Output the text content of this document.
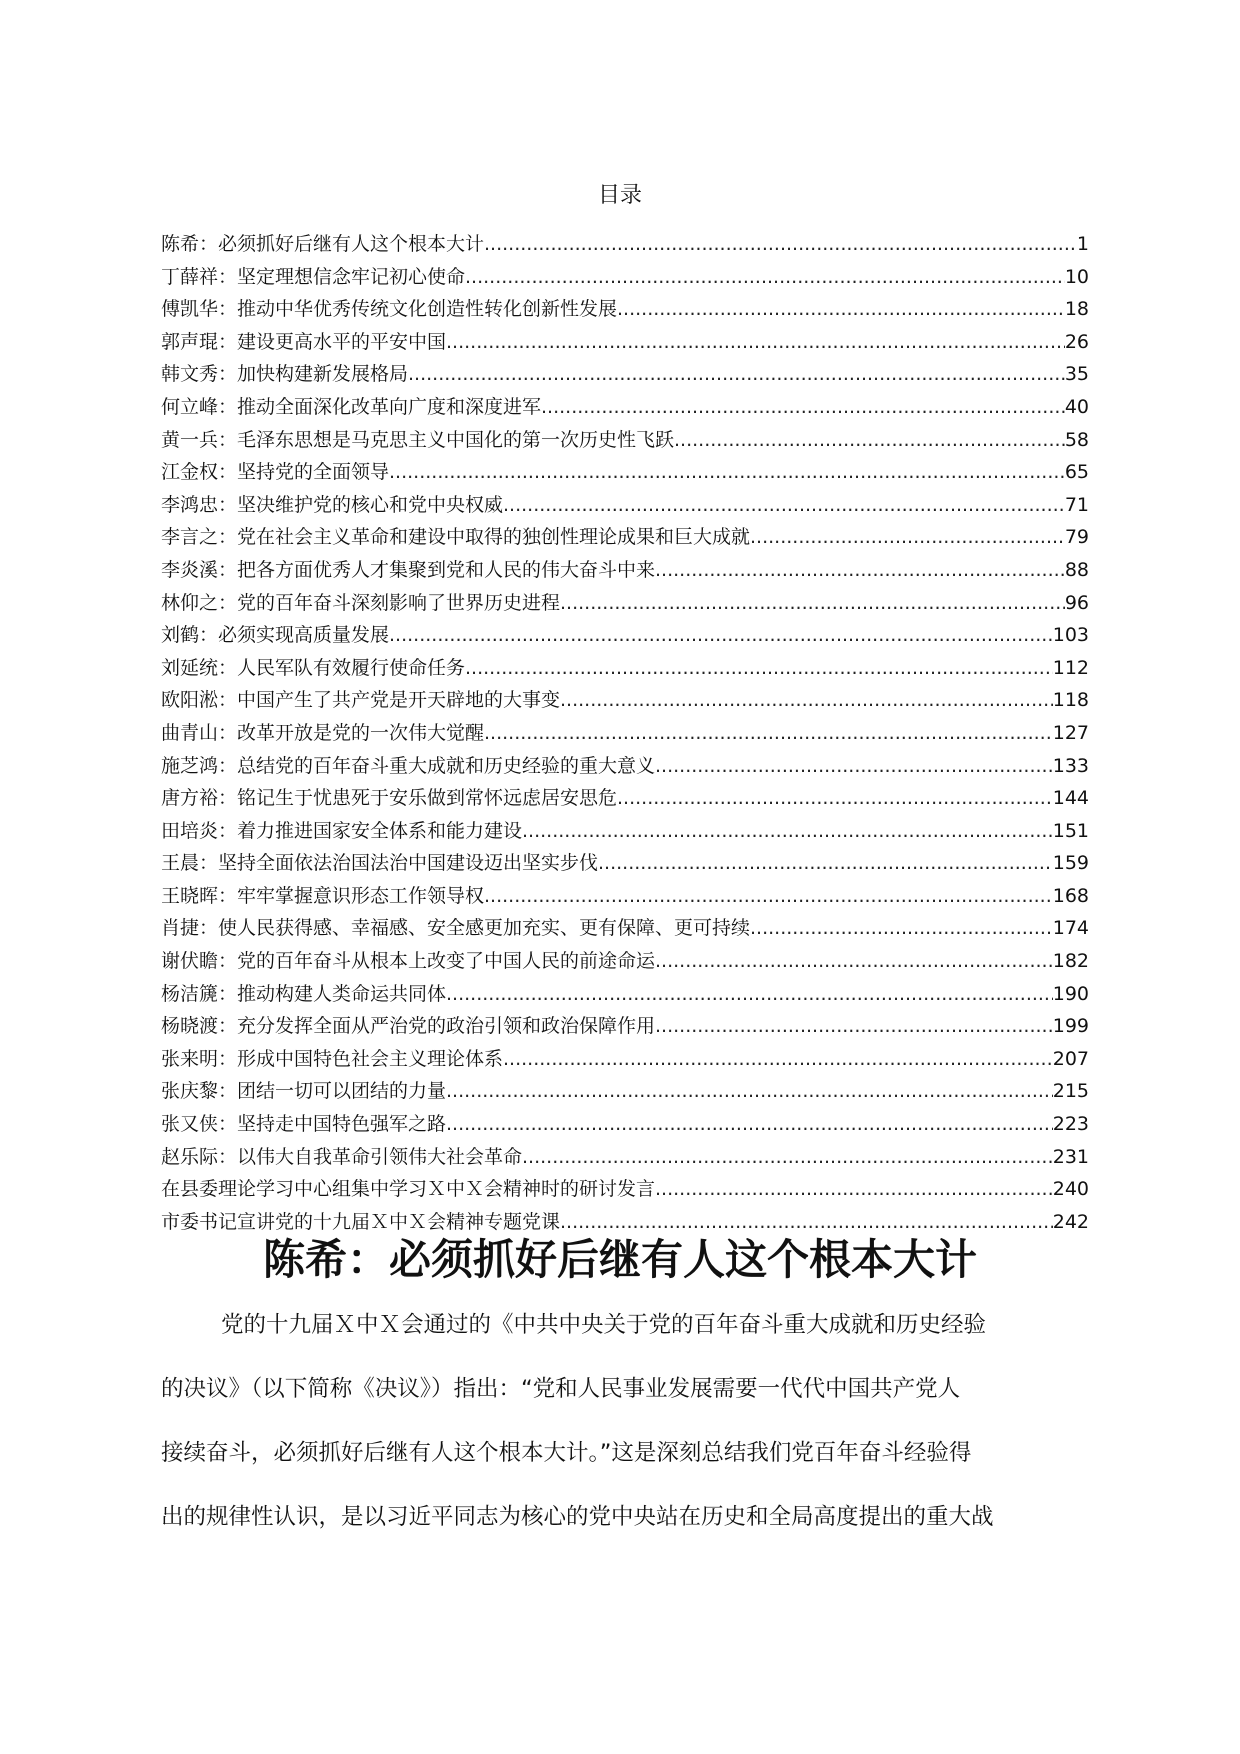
目录
陈希：必须抓好后继有人这个根本大计 .....	1
丁薛祥：坚定理想信念牢记初心使命 .....	10
傅凯华：推动中华优秀传统文化创造性转化创新性发展 .....	18
郭声琨：建设更高水平的平安中国 .....	26
韩文秀：加快构建新发展格局 .....	35
何立峰：推动全面深化改革向广度和深度进军 .....	40
黄一兵：毛泽东思想是马克思主义中国化的第一次历史性飞跃 .....	58
江金权：坚持党的全面领导 .....	65
李鸿忠：坚决维护党的核心和党中央权威 .....	71
李言之：党在社会主义革命和建设中取得的独创性理论成果和巨大成就 .....	79
李炎溪：把各方面优秀人才集聚到党和人民的伟大奋斗中来 .....	88
林仰之：党的百年奋斗深刻影响了世界历史进程 .....	96
刘鹤：必须实现高质量发展 .....	103
刘延统：人民军队有效履行使命任务 .....	112
欧阳淞：中国产生了共产党是开天辟地的大事变 .....	118
曲青山：改革开放是党的一次伟大觉醒 .....	127
施芝鸿：总结党的百年奋斗重大成就和历史经验的重大意义 .....	133
唐方裕：铭记生于忧患死于安乐做到常怀远虑居安思危 .....	144
田培炎：着力推进国家安全体系和能力建设 .....	151
王晨：坚持全面依法治国法治中国建设迈出坚实步伐 .....	159
王晓晖：牢牢掌握意识形态工作领导权 .....	168
肖捷：使人民获得感、幸福感、安全感更加充实、更有保障、更可持续 .....	174
谢伏瞻：党的百年奋斗从根本上改变了中国人民的前途命运 .....	182
杨洁篪：推动构建人类命运共同体 .....	190
杨晓渡：充分发挥全面从严治党的政治引领和政治保障作用 .....	199
张来明：形成中国特色社会主义理论体系 .....	207
张庆黎：团结一切可以团结的力量 .....	215
张又侠：坚持走中国特色强军之路 .....	223
赵乐际：以伟大自我革命引领伟大社会革命 .....	231
在县委理论学习中心组集中学习Ｘ中Ｘ会精神时的研讨发言 .....	240
市委书记宣讲党的十九届Ｘ中Ｘ会精神专题党课 .....	242
陈希：必须抓好后继有人这个根本大计
党的十九届Ｘ中Ｘ会通过的《中共中央关于党的百年奋斗重大成就和历史经验
的决议》（以下简称《决议》）指出：“党和人民事业发展需要一代代中国共产党人
接续奋斗，必须抓好后继有人这个根本大计。”这是深刻总结我们党百年奋斗经验得
出的规律性认识，是以习近平同志为核心的党中央站在历史和全局高度提出的重大战
